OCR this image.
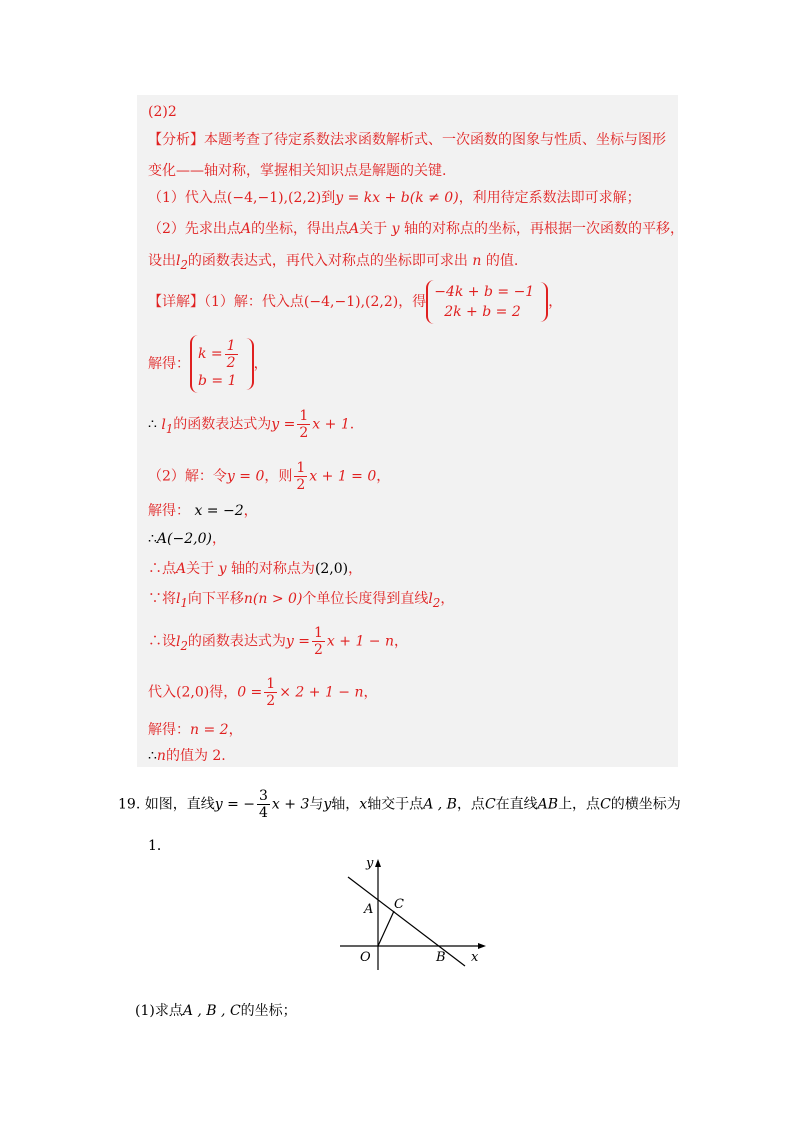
(2)2
【分析】本题考查了待定系数法求函数解析式、一次函数的图象与性质、坐标与图形
变化——轴对称，掌握相关知识点是解题的关键.
（1）代入点(−4,−1),(2,2)到y = kx + b(k ≠ 0)，利用待定系数法即可求解；
（2）先求出点A的坐标，得出点A关于 y 轴的对称点的坐标，再根据一次函数的平移，
设出$l_2$的函数表达式，再代入对称点的坐标即可求出 n 的值.
【详解】（1）解：代入点(−4,−1),(2,2)，得
−4k + b = −1
2k + b = 2
，
解得：
$k = \frac{1}{2}$
b = 1
，
∴ $l_1$的函数表达式为$y = \frac{1}{2}$ x + 1.
（2）解：令y = 0，则 $\frac{1}{2}$ x + 1 = 0，
解得： x = −2，
∴A(−2,0)，
∴点A关于 y 轴的对称点为(2,0)，
∵将$l_1$向下平移n(n > 0)个单位长度得到直线$l_2$，
∴设$l_2$的函数表达式为$y = \frac{1}{2}$ x + 1 − n，
代入(2,0)得，$0 = \frac{1}{2} \times 2 + 1 - n$，
解得：n = 2，
∴n的值为 2.
19. 如图，直线y = − $\frac{3}{4}$ x + 3与y轴，x轴交于点A , B，点C在直线AB上，点C的横坐标为
1．
y
x
O
A
B
C
(1)求点A , B , C的坐标；
